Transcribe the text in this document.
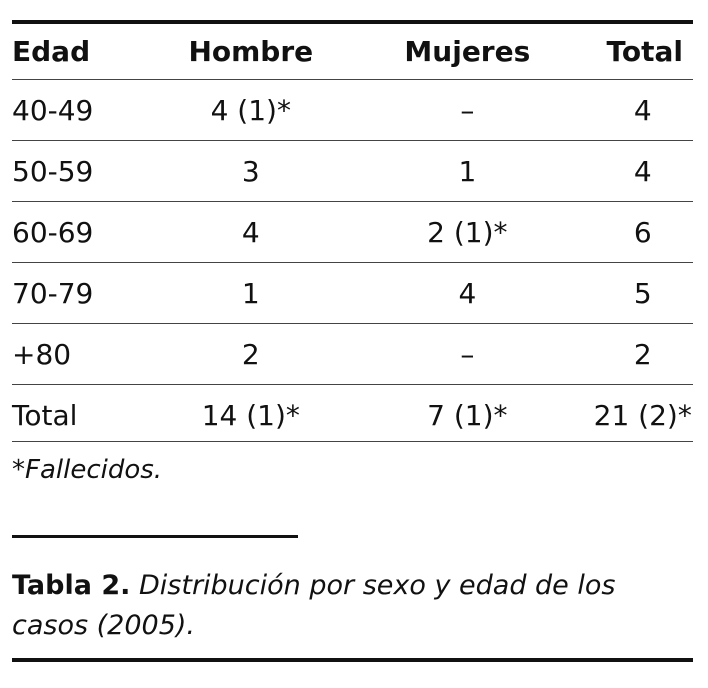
Edad	Hombre	Mujeres	Total
40-49	4 (1)*	–	4
50-59	3	1	4
60-69	4	2 (1)*	6
70-79	1	4	5
+80	2	–	2
Total	14 (1)*	7 (1)*	21 (2)*
*Fallecidos.
Tabla 2. Distribución por sexo y edad de los casos (2005).
